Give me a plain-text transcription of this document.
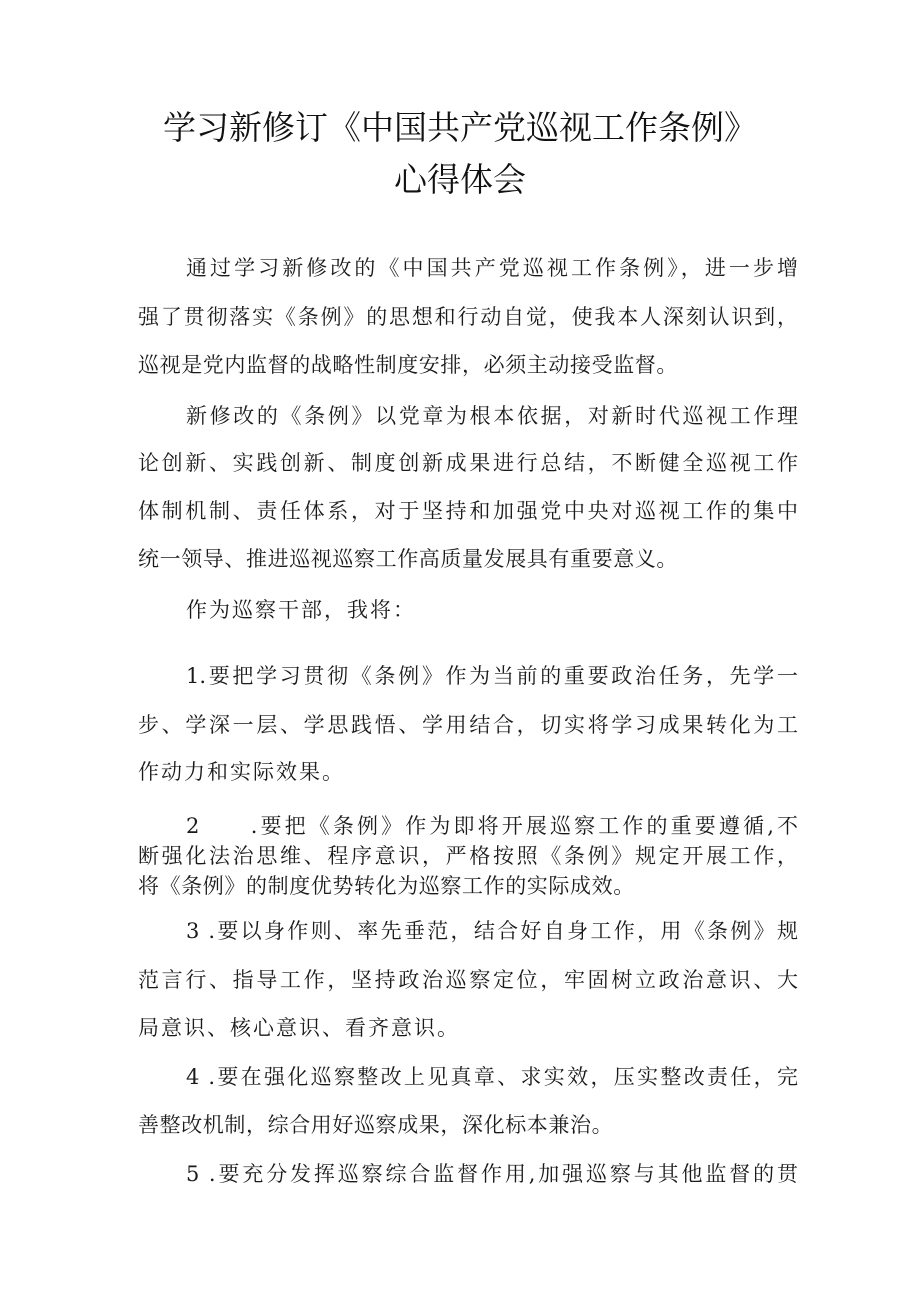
学习新修订《中国共产党巡视工作条例》
心得体会
通过学习新修改的《中国共产党巡视工作条例》，进一步增
强了贯彻落实《条例》的思想和行动自觉，使我本人深刻认识到，
巡视是党内监督的战略性制度安排，必须主动接受监督。
新修改的《条例》以党章为根本依据，对新时代巡视工作理
论创新、实践创新、制度创新成果进行总结，不断健全巡视工作
体制机制、责任体系，对于坚持和加强党中央对巡视工作的集中
统一领导、推进巡视巡察工作高质量发展具有重要意义。
作为巡察干部，我将：
1.要把学习贯彻《条例》作为当前的重要政治任务，先学一
步、学深一层、学思践悟、学用结合，切实将学习成果转化为工
作动力和实际效果。
2　　.要把《条例》作为即将开展巡察工作的重要遵循,不
断强化法治思维、程序意识，严格按照《条例》规定开展工作，
将《条例》的制度优势转化为巡察工作的实际成效。
3 .要以身作则、率先垂范，结合好自身工作，用《条例》规
范言行、指导工作，坚持政治巡察定位，牢固树立政治意识、大
局意识、核心意识、看齐意识。
4 .要在强化巡察整改上见真章、求实效，压实整改责任，完
善整改机制，综合用好巡察成果，深化标本兼治。
5 .要充分发挥巡察综合监督作用,加强巡察与其他监督的贯
